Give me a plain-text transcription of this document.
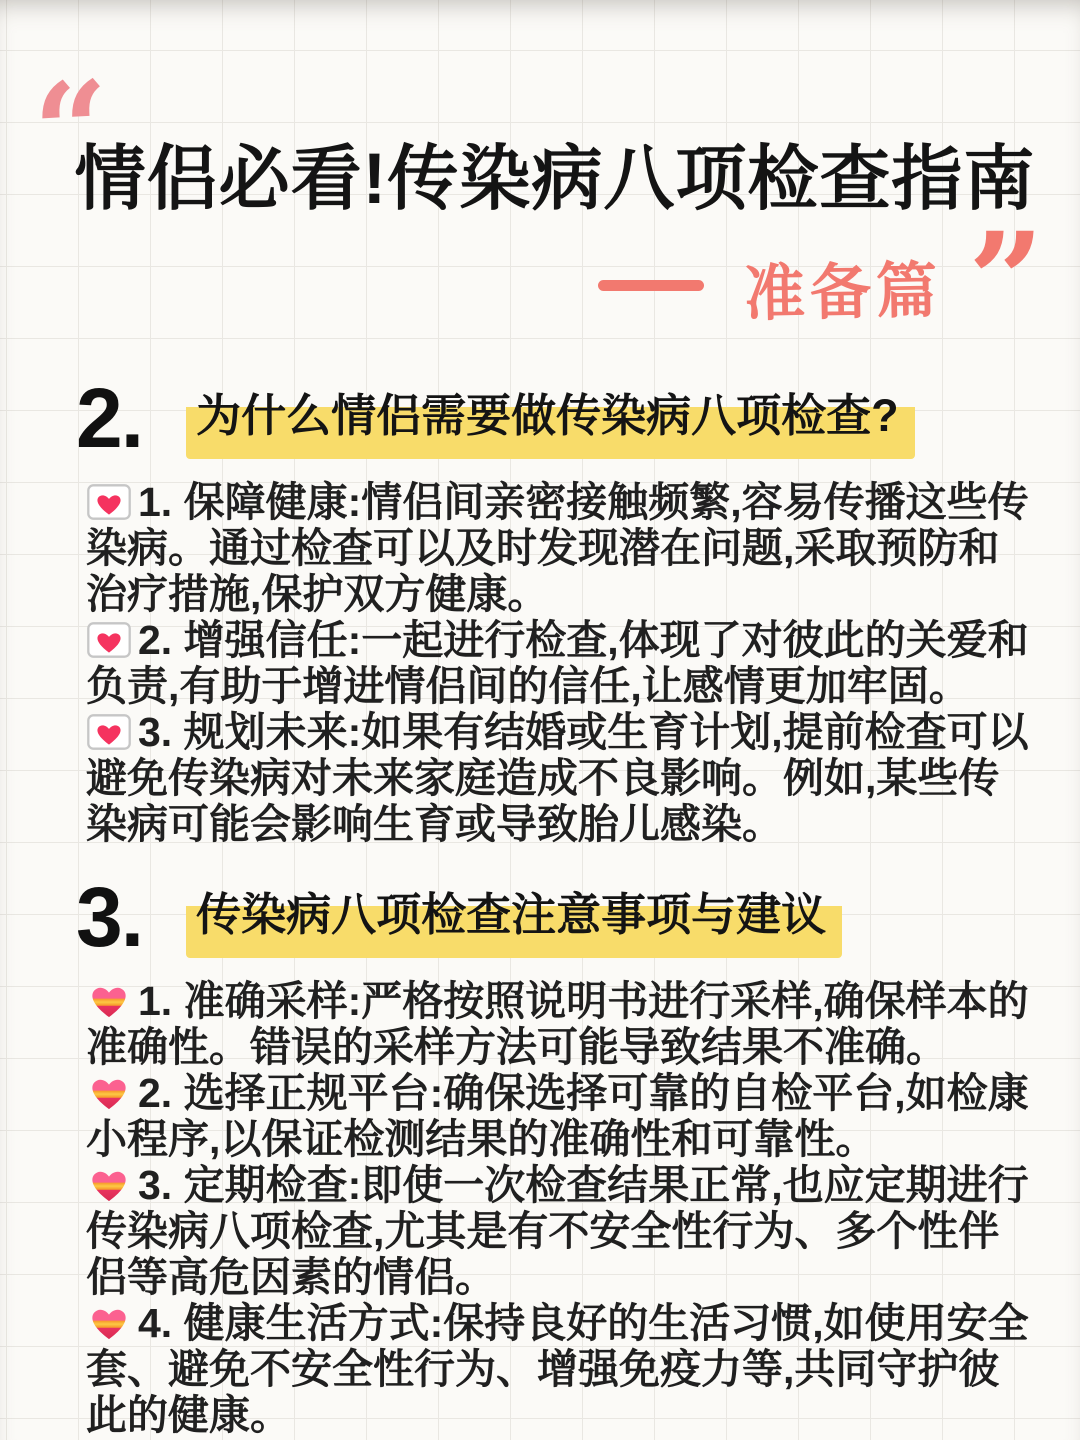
“
情侣必看!传染病八项检查指南
准备篇 ”
2. 为什么情侣需要做传染病八项检查?

1. 保障健康:情侣间亲密接触频繁,容易传播这些传染病。通过检查可以及时发现潜在问题,采取预防和治疗措施,保护双方健康。

2. 增强信任:一起进行检查,体现了对彼此的关爱和负责,有助于增进情侣间的信任,让感情更加牢固。

3. 规划未来:如果有结婚或生育计划,提前检查可以避免传染病对未来家庭造成不良影响。例如,某些传染病可能会影响生育或导致胎儿感染。

3. 传染病八项检查注意事项与建议

1. 准确采样:严格按照说明书进行采样,确保样本的准确性。错误的采样方法可能导致结果不准确。

2. 选择正规平台:确保选择可靠的自检平台,如检康小程序,以保证检测结果的准确性和可靠性。

3. 定期检查:即使一次检查结果正常,也应定期进行传染病八项检查,尤其是有不安全性行为、多个性伴侣等高危因素的情侣。

4. 健康生活方式:保持良好的生活习惯,如使用安全套、避免不安全性行为、增强免疫力等,共同守护彼此的健康。
